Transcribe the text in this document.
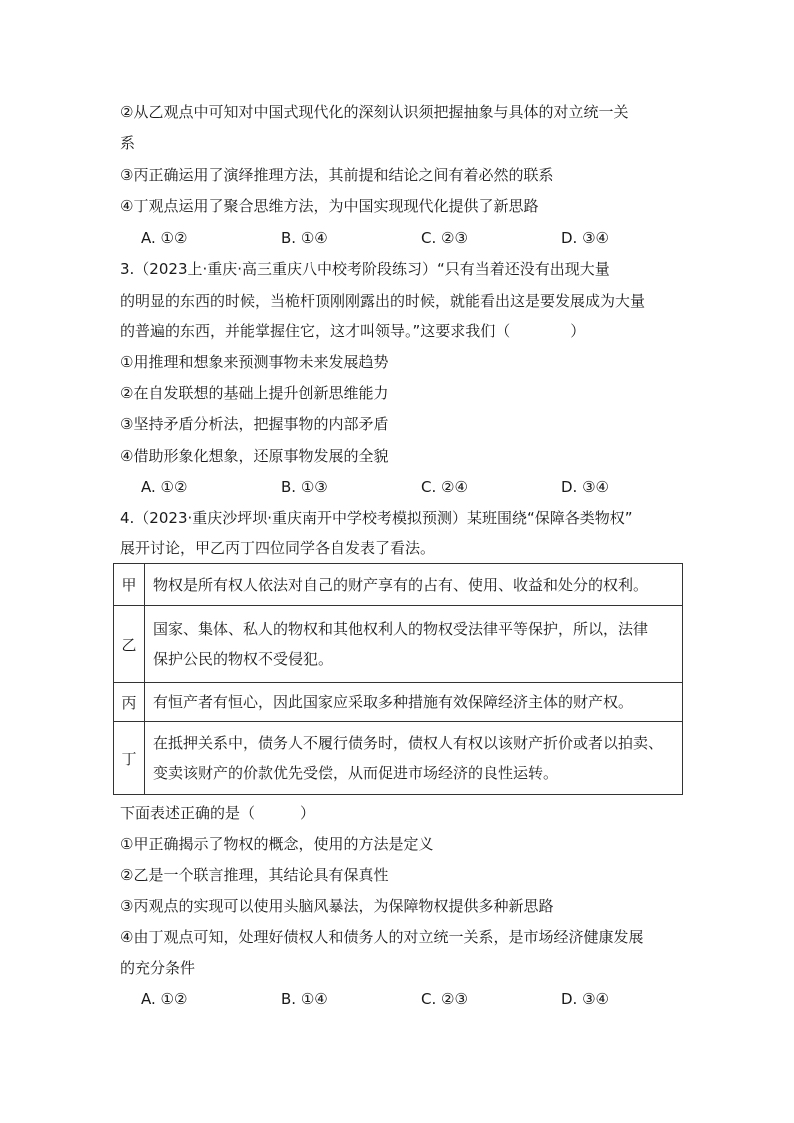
②从乙观点中可知对中国式现代化的深刻认识须把握抽象与具体的对立统一关
系
③丙正确运用了演绎推理方法，其前提和结论之间有着必然的联系
④丁观点运用了聚合思维方法，为中国实现现代化提供了新思路
A. ①②	B. ①④	C. ②③	D. ③④
3.（2023上·重庆·高三重庆八中校考阶段练习）“只有当着还没有出现大量
的明显的东西的时候，当桅杆顶刚刚露出的时候，就能看出这是要发展成为大量
的普遍的东西，并能掌握住它，这才叫领导。”这要求我们（　　　　）
①用推理和想象来预测事物未来发展趋势
②在自发联想的基础上提升创新思维能力
③坚持矛盾分析法，把握事物的内部矛盾
④借助形象化想象，还原事物发展的全貌
A. ①②	B. ①③	C. ②④	D. ③④
4.（2023·重庆沙坪坝·重庆南开中学校考模拟预测）某班围绕“保障各类物权”
展开讨论，甲乙丙丁四位同学各自发表了看法。
甲	物权是所有权人依法对自己的财产享有的占有、使用、收益和处分的权利。

乙	国家、集体、私人的物权和其他权利人的物权受法律平等保护，所以，法律
保护公民的物权不受侵犯。

丙	有恒产者有恒心，因此国家应采取多种措施有效保障经济主体的财产权。

丁	在抵押关系中，债务人不履行债务时，债权人有权以该财产折价或者以拍卖、
变卖该财产的价款优先受偿，从而促进市场经济的良性运转。
下面表述正确的是（　　　）
①甲正确揭示了物权的概念，使用的方法是定义
②乙是一个联言推理，其结论具有保真性
③丙观点的实现可以使用头脑风暴法，为保障物权提供多种新思路
④由丁观点可知，处理好债权人和债务人的对立统一关系，是市场经济健康发展
的充分条件
A. ①②	B. ①④	C. ②③	D. ③④
